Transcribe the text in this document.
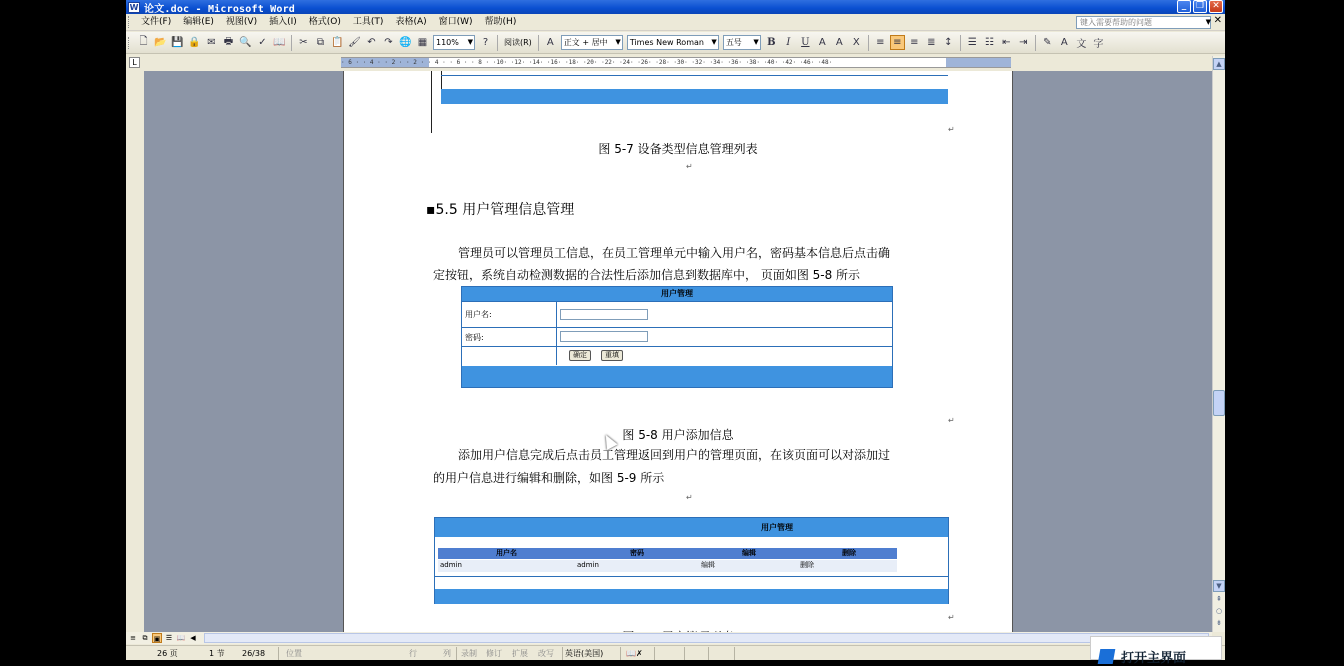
W 论文.doc - Microsoft Word	_	❐ ✕
文件(F)	编辑(E)	视图(V)	插入(I)	格式(O)	工具(T)	表格(A)	窗口(W)	帮助(H)	键入需要帮助的问题	▼ ✕
🗋 📂 💾 🔒 ✉ 🖶 🔍 ✓ 📖	✂ ⧉ 📋 🖌 ↶ ↷ 🌐 ▦	110% ▼ ?	阅读(R)	A	正文 + 居中 ▼	Times New Roman ▼	五号 ▼ B	I	U A	A	X	≡ ≡ ≡ ≣ ↕	☰ ☷ ⇤ ⇥	✎ A 文 字
L	· 6 · · 4 · · 2 · · 2 · · 4 · · 6 · · 8 · ·10· ·12· ·14· ·16· ·18· ·20· ·22· ·24· ·26· ·28· ·30· ·32· ·34· ·36· ·38· ·40· ·42· ·46· ·48·
↵
图 5-7 设备类型信息管理列表
↵
▪5.5 用户管理信息管理
管理员可以管理员工信息，在员工管理单元中输入用户名，密码基本信息后点击确
定按钮，系统自动检测数据的合法性后添加信息到数据库中， 页面如图 5-8 所示
用户管理
用户名:
密码:
确定	重填
↵
图 5-8 用户添加信息
添加用户信息完成后点击员工管理返回到用户的管理页面，在该页面可以对添加过
的用户信息进行编辑和删除，如图 5-9 所示
↵
用户管理
用户名	密码	编辑	删除
admin	admin	编辑	删除
↵
▲
▼
⇞
○
⇟
≡ ⧉ ▣ ☰ 📖 ◀
26 页	1 节 26/38	位置	行	列 录制 修订 扩展 改写 英语(美国)	📖✗	打开主界面
